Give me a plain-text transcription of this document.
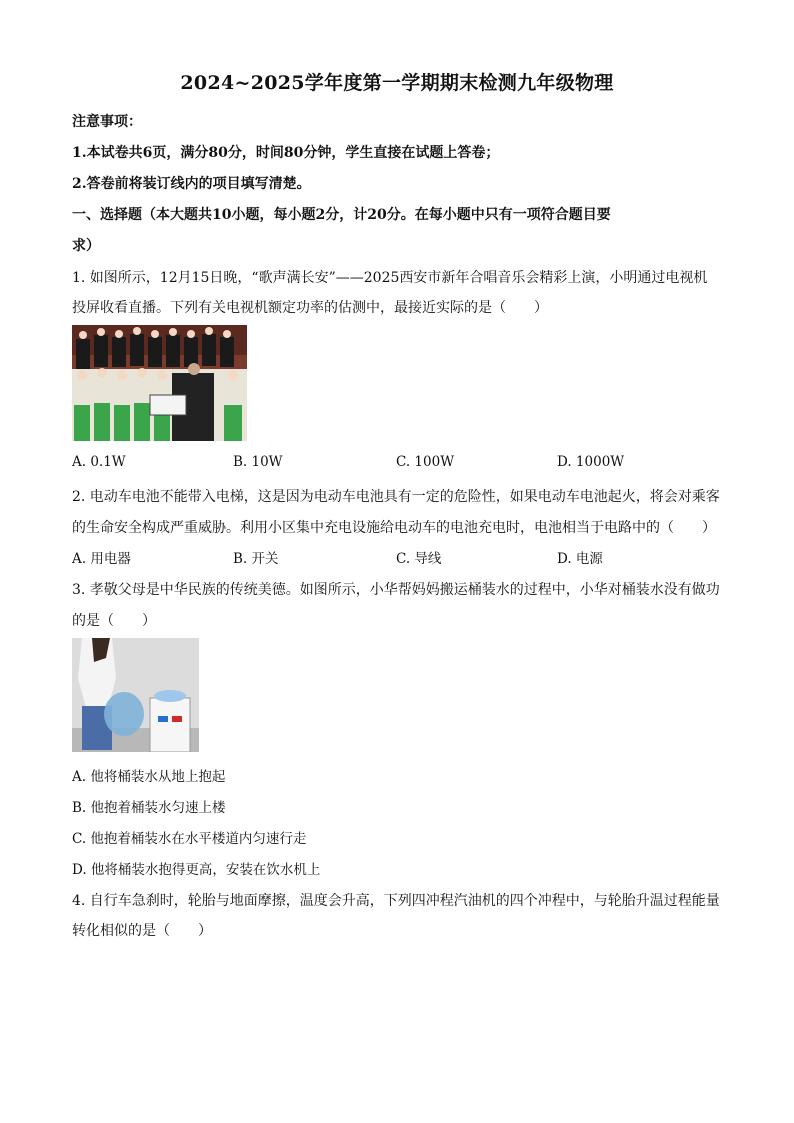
2024~2025学年度第一学期期末检测九年级物理
注意事项：
1.本试卷共6页，满分80分，时间80分钟，学生直接在试题上答卷；
2.答卷前将装订线内的项目填写清楚。
一、选择题（本大题共10小题，每小题2分，计20分。在每小题中只有一项符合题目要
求）
1. 如图所示，12月15日晚，“歌声满长安”——2025西安市新年合唱音乐会精彩上演，小明通过电视机
投屏收看直播。下列有关电视机额定功率的估测中，最接近实际的是（　　）
A. 0.1W	B. 10W	C. 100W	D. 1000W
2. 电动车电池不能带入电梯，这是因为电动车电池具有一定的危险性，如果电动车电池起火，将会对乘客
的生命安全构成严重威胁。利用小区集中充电设施给电动车的电池充电时，电池相当于电路中的（　　）
A. 用电器	B. 开关	C. 导线	D. 电源
3. 孝敬父母是中华民族的传统美德。如图所示，小华帮妈妈搬运桶装水的过程中，小华对桶装水没有做功
的是（　　）
A. 他将桶装水从地上抱起
B. 他抱着桶装水匀速上楼
C. 他抱着桶装水在水平楼道内匀速行走
D. 他将桶装水抱得更高，安装在饮水机上
4. 自行车急刹时，轮胎与地面摩擦，温度会升高，下列四冲程汽油机的四个冲程中，与轮胎升温过程能量
转化相似的是（　　）
